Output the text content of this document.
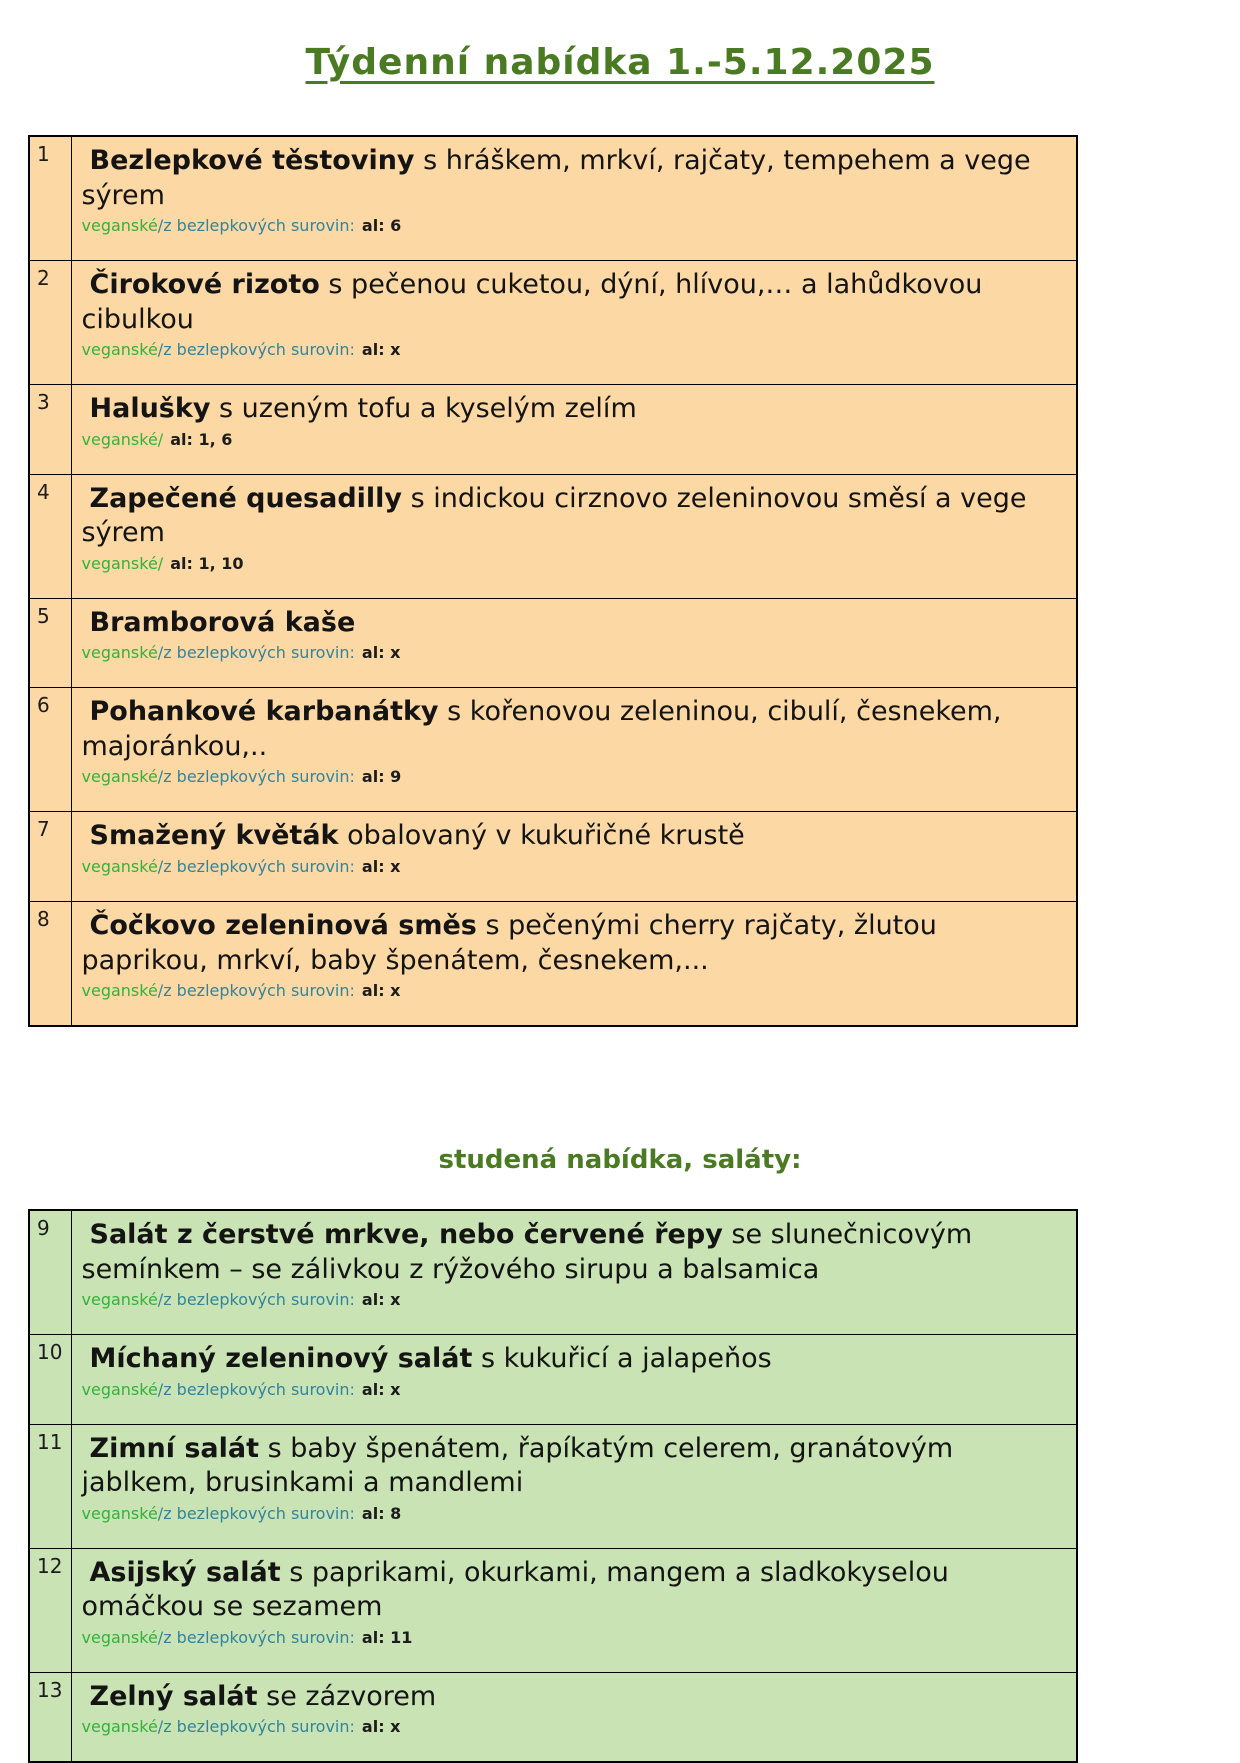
Týdenní nabídka 1.-5.12.2025
1	Bezlepkové těstoviny s hráškem, mrkví, rajčaty, tempehem a vege sýrem
veganské/z bezlepkových surovin: al: 6

2	Čirokové rizoto s pečenou cuketou, dýní, hlívou,… a lahůdkovou cibulkou
veganské/z bezlepkových surovin: al: x

3	Halušky s uzeným tofu a kyselým zelím
veganské/ al: 1, 6

4	Zapečené quesadilly s indickou cirznovo zeleninovou směsí a vege sýrem
veganské/ al: 1, 10

5	Bramborová kaše
veganské/z bezlepkových surovin: al: x

6	Pohankové karbanátky s kořenovou zeleninou, cibulí, česnekem, majoránkou,..
veganské/z bezlepkových surovin: al: 9

7	Smažený květák obalovaný v kukuřičné krustě
veganské/z bezlepkových surovin: al: x

8	Čočkovo zeleninová směs s pečenými cherry rajčaty, žlutou paprikou, mrkví, baby špenátem, česnekem,...
veganské/z bezlepkových surovin: al: x
studená nabídka, saláty:
9	Salát z čerstvé mrkve, nebo červené řepy se slunečnicovým semínkem – se zálivkou z rýžového sirupu a balsamica
veganské/z bezlepkových surovin: al: x

10	Míchaný zeleninový salát s kukuřicí a jalapeňos
veganské/z bezlepkových surovin: al: x

11	Zimní salát s baby špenátem, řapíkatým celerem, granátovým jablkem, brusinkami a mandlemi
veganské/z bezlepkových surovin: al: 8

12	Asijský salát s paprikami, okurkami, mangem a sladkokyselou omáčkou se sezamem
veganské/z bezlepkových surovin: al: 11

13	Zelný salát se zázvorem
veganské/z bezlepkových surovin: al: x
